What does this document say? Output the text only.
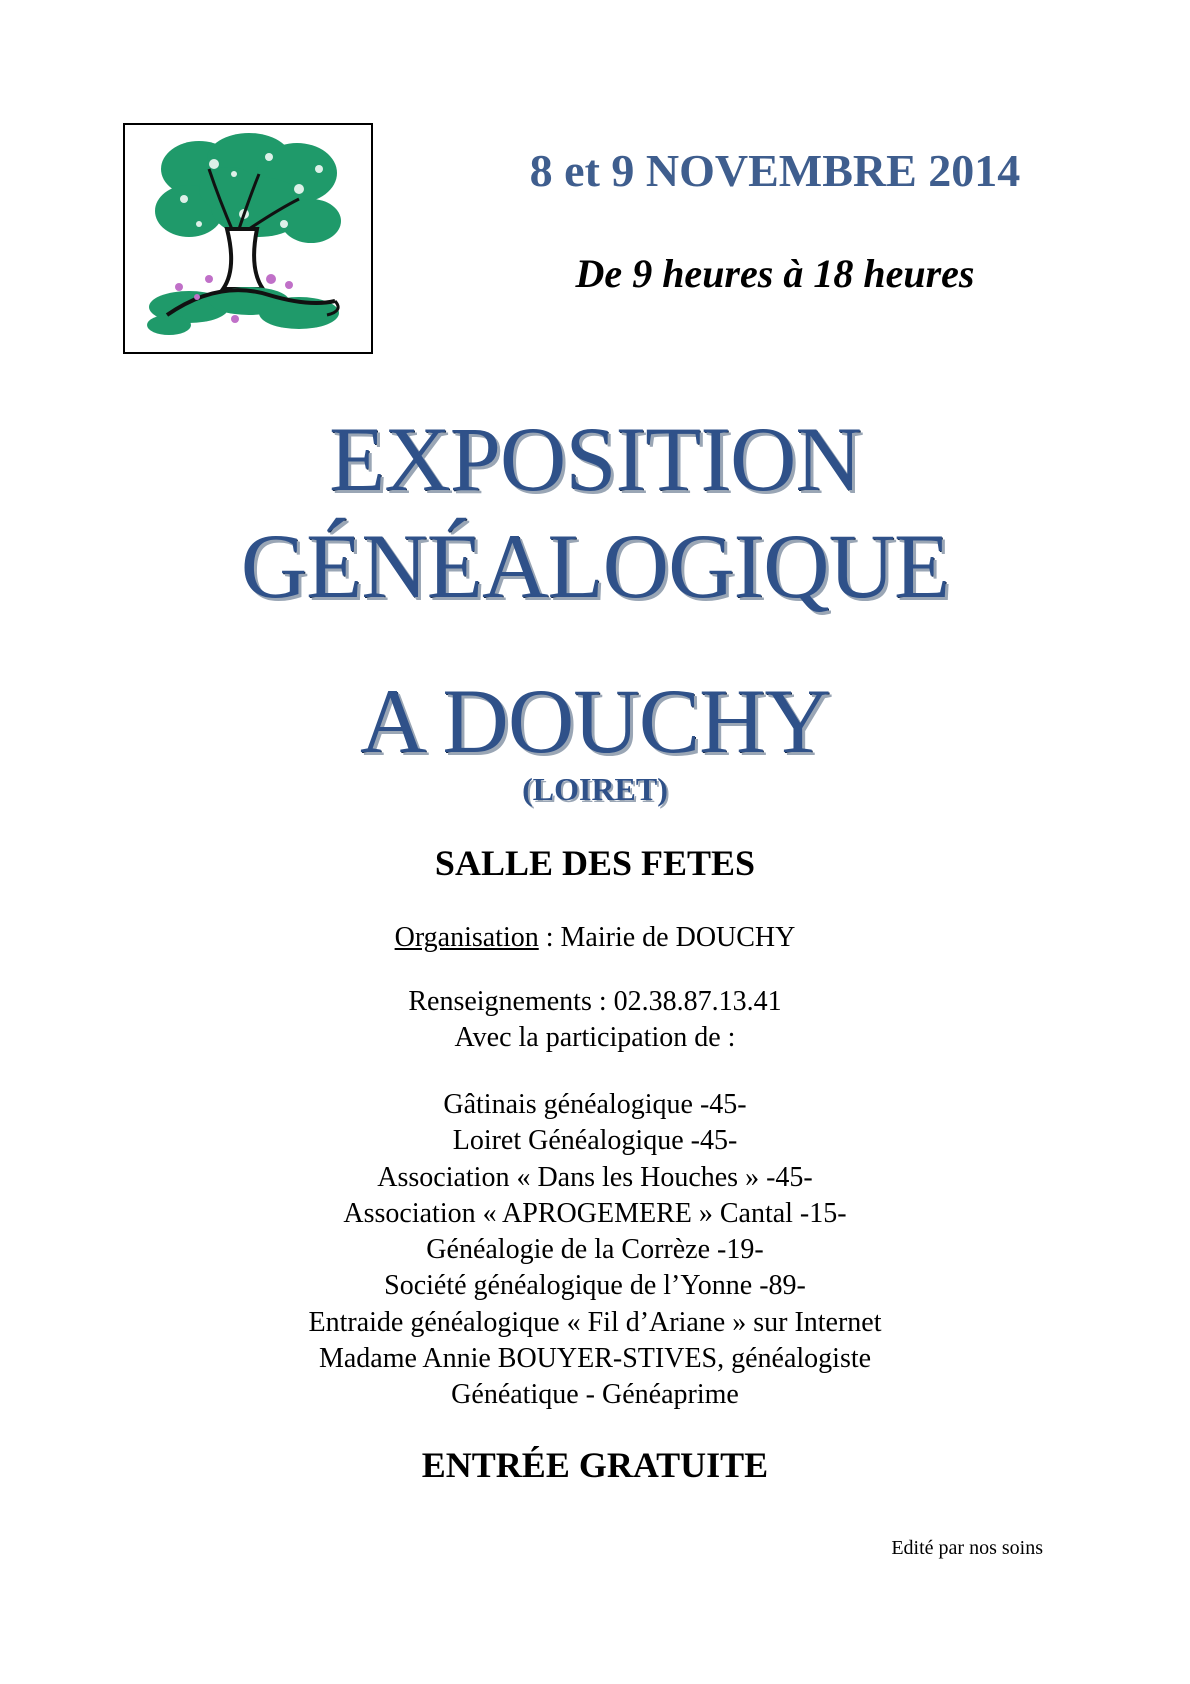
8 et 9 NOVEMBRE 2014
De 9 heures à 18 heures
EXPOSITION
GÉNÉALOGIQUE
A DOUCHY
(LOIRET)
SALLE DES FETES
Organisation : Mairie de DOUCHY
Renseignements : 02.38.87.13.41
Avec la participation de :
Gâtinais généalogique -45-
Loiret Généalogique -45-
Association « Dans les Houches » -45-
Association « APROGEMERE » Cantal -15-
Généalogie de la Corrèze -19-
Société généalogique de l’Yonne -89-
Entraide généalogique « Fil d’Ariane » sur Internet
Madame Annie BOUYER-STIVES, généalogiste
Généatique - Généaprime
ENTRÉE GRATUITE
Edité par nos soins
